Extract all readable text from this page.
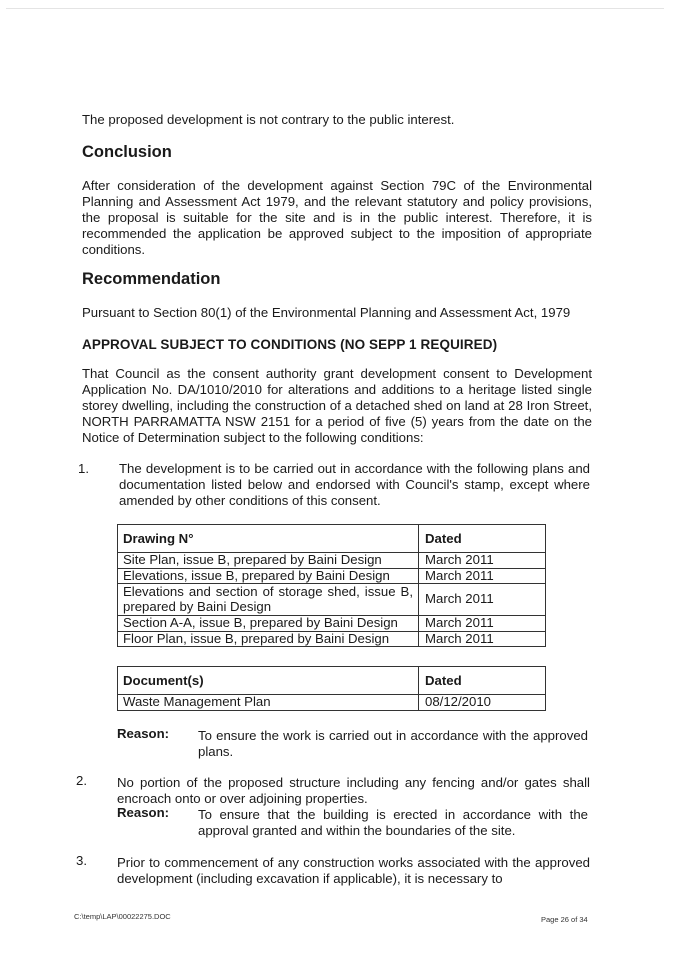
The proposed development is not contrary to the public interest.

Conclusion

After consideration of the development against Section 79C of the Environmental Planning and Assessment Act 1979, and the relevant statutory and policy provisions, the proposal is suitable for the site and is in the public interest. Therefore, it is recommended the application be approved subject to the imposition of appropriate conditions.

Recommendation

Pursuant to Section 80(1) of the Environmental Planning and Assessment Act, 1979

APPROVAL SUBJECT TO CONDITIONS (NO SEPP 1 REQUIRED)

That Council as the consent authority grant development consent to Development Application No. DA/1010/2010 for alterations and additions to a heritage listed single storey dwelling, including the construction of a detached shed on land at 28 Iron Street, NORTH PARRAMATTA NSW 2151 for a period of five (5) years from the date on the Notice of Determination subject to the following conditions:

1. The development is to be carried out in accordance with the following plans and documentation listed below and endorsed with Council's stamp, except where amended by other conditions of this consent.

Drawing N°	Dated
Site Plan, issue B, prepared by Baini Design	March 2011
Elevations, issue B, prepared by Baini Design	March 2011
Elevations and section of storage shed, issue B, prepared by Baini Design	March 2011
Section A-A, issue B, prepared by Baini Design	March 2011
Floor Plan, issue B, prepared by Baini Design	March 2011
Document(s)	Dated
Waste Management Plan	08/12/2010
Reason: To ensure the work is carried out in accordance with the approved plans.

2. No portion of the proposed structure including any fencing and/or gates shall encroach onto or over adjoining properties.

Reason: To ensure that the building is erected in accordance with the approval granted and within the boundaries of the site.

3. Prior to commencement of any construction works associated with the approved development (including excavation if applicable), it is necessary to

C:\temp\LAP\00022275.DOC	Page 26 of 34
